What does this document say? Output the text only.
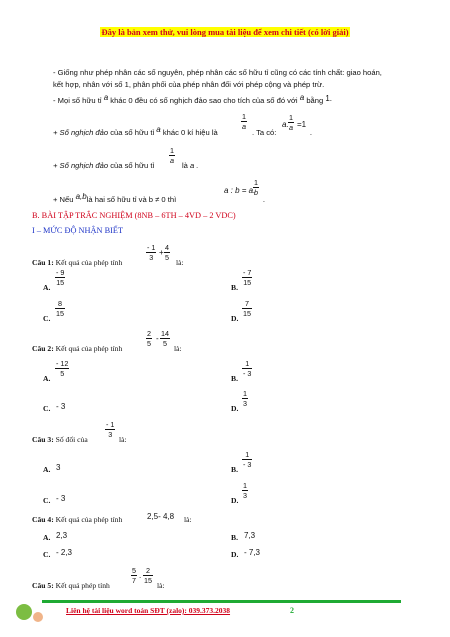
Đây là bản xem thử, vui lòng mua tài liệu để xem chi tiết (có lời giải)
- Giống như phép nhân các số nguyên, phép nhân các số hữu tỉ cũng có các tính chất: giao hoán,
kết hợp, nhân với số 1, phân phối của phép nhân đối với phép cộng và phép trừ.
- Mọi số hữu tỉ a khác 0 đều có số nghịch đảo sao cho tích của số đó với a bằng 1.
+ Số nghịch đảo của số hữu tỉ a khác 0 kí hiệu là
$\frac{1}{a}$
. Ta có:
a. $\frac{1}{a} =1$
.
+ Số nghịch đảo của số hữu tỉ
$\frac{1}{a}$
là a .
+ Nếu a,blà hai số hữu tỉ và b ≠ 0 thì
a : b = a.
$\frac{1}{b}$
.
B. BÀI TẬP TRẮC NGHIỆM (8NB – 6TH – 4VD – 2 VDC)
I – MỨC ĐỘ NHẬN BIẾT
Câu 1: Kết quả của phép tính
$\frac{- 1}{3} + \frac{4}{5}$
là:
A.
$\frac{- 9}{15}$
B.
$\frac{- 7}{15}$
C.
$\frac{8}{15}$
D.
$\frac{7}{15}$
Câu 2: Kết quả của phép tính
$\frac{2}{5} - \frac{14}{5}$
là:
A.
$\frac{- 12}{5}$
B.
$\frac{1}{- 3}$
C. - 3	D.
$\frac{1}{3}$
Câu 3: Số đối của
$\frac{- 1}{3}$
là:
A. 3	B.
$\frac{1}{- 3}$
C. - 3	D.
$\frac{1}{3}$
Câu 4: Kết quả của phép tính	2,5- 4,8 là:
A. 2,3	B. 7,3
C. - 2,3	D. - 7,3
Câu 5: Kết quả phép tính
$\frac{5}{7}$ . $\frac{2}{15}$
là:
Liên hệ tài liệu word toán SĐT (zalo): 039.373.2038	2
